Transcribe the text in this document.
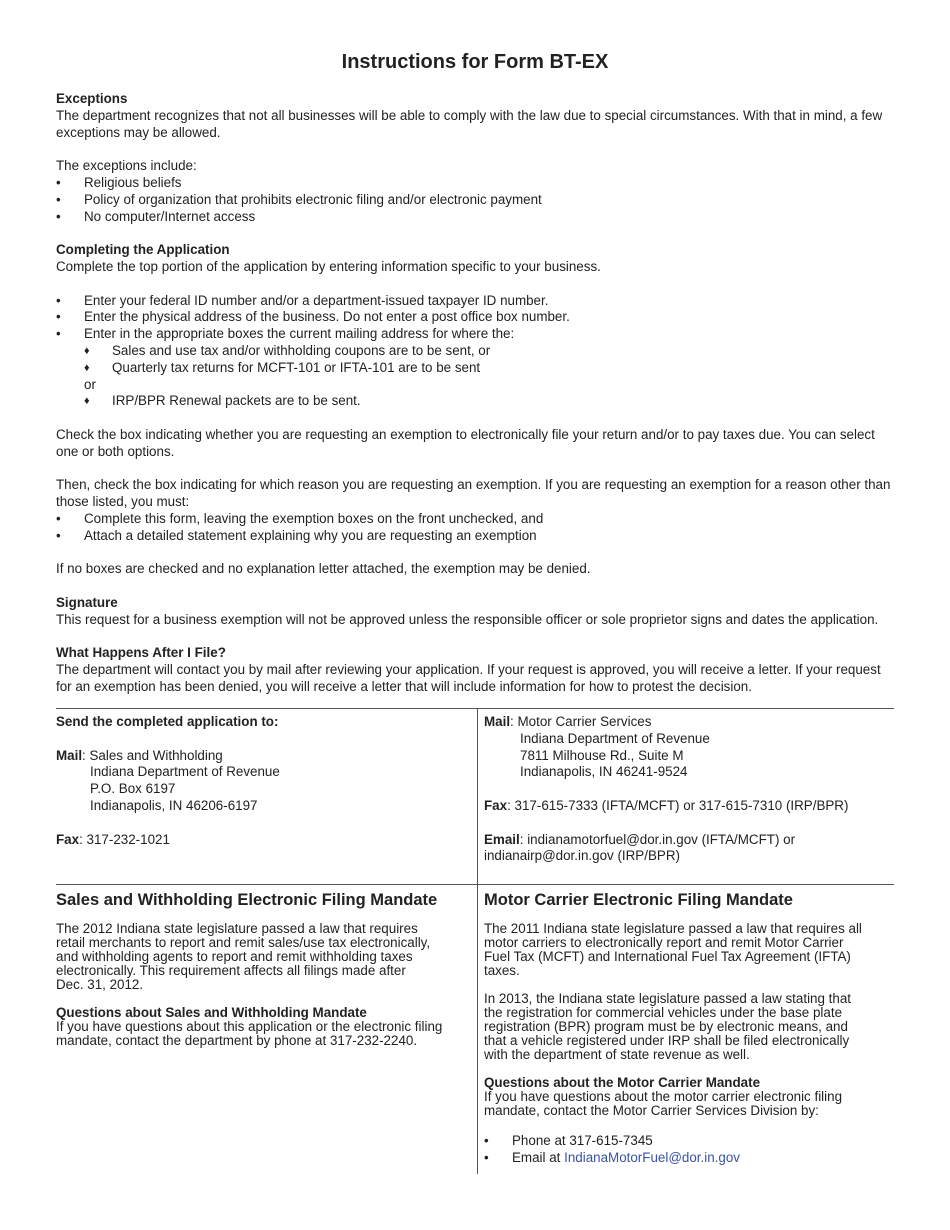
Instructions for Form BT-EX
Exceptions
The department recognizes that not all businesses will be able to comply with the law due to special circumstances. With that in mind, a few exceptions may be allowed.
The exceptions include:
• Religious beliefs
• Policy of organization that prohibits electronic filing and/or electronic payment
• No computer/Internet access
Completing the Application
Complete the top portion of the application by entering information specific to your business.
• Enter your federal ID number and/or a department-issued taxpayer ID number.
• Enter the physical address of the business. Do not enter a post office box number.
• Enter in the appropriate boxes the current mailing address for where the:
♦ Sales and use tax and/or withholding coupons are to be sent, or
♦ Quarterly tax returns for MCFT-101 or IFTA-101 are to be sent
or
♦ IRP/BPR Renewal packets are to be sent.
Check the box indicating whether you are requesting an exemption to electronically file your return and/or to pay taxes due. You can select one or both options.
Then, check the box indicating for which reason you are requesting an exemption. If you are requesting an exemption for a reason other than those listed, you must:
• Complete this form, leaving the exemption boxes on the front unchecked, and
• Attach a detailed statement explaining why you are requesting an exemption
If no boxes are checked and no explanation letter attached, the exemption may be denied.
Signature
This request for a business exemption will not be approved unless the responsible officer or sole proprietor signs and dates the application.
What Happens After I File?
The department will contact you by mail after reviewing your application. If your request is approved, you will receive a letter. If your request for an exemption has been denied, you will receive a letter that will include information for how to protest the decision.
Send the completed application to:
Mail: Sales and Withholding
Indiana Department of Revenue
P.O. Box 6197
Indianapolis, IN 46206-6197
Fax: 317-232-1021
Mail: Motor Carrier Services
Indiana Department of Revenue
7811 Milhouse Rd., Suite M
Indianapolis, IN 46241-9524
Fax: 317-615-7333 (IFTA/MCFT) or 317-615-7310 (IRP/BPR)
Email: indianamotorfuel@dor.in.gov (IFTA/MCFT) or
indianairp@dor.in.gov (IRP/BPR)
Sales and Withholding Electronic Filing Mandate
The 2012 Indiana state legislature passed a law that requires
retail merchants to report and remit sales/use tax electronically,
and withholding agents to report and remit withholding taxes
electronically. This requirement affects all filings made after
Dec. 31, 2012.
Questions about Sales and Withholding Mandate
If you have questions about this application or the electronic filing
mandate, contact the department by phone at 317-232-2240.
Motor Carrier Electronic Filing Mandate
The 2011 Indiana state legislature passed a law that requires all
motor carriers to electronically report and remit Motor Carrier
Fuel Tax (MCFT) and International Fuel Tax Agreement (IFTA)
taxes.
In 2013, the Indiana state legislature passed a law stating that
the registration for commercial vehicles under the base plate
registration (BPR) program must be by electronic means, and
that a vehicle registered under IRP shall be filed electronically
with the department of state revenue as well.
Questions about the Motor Carrier Mandate
If you have questions about the motor carrier electronic filing
mandate, contact the Motor Carrier Services Division by:
• Phone at 317-615-7345
• Email at IndianaMotorFuel@dor.in.gov
